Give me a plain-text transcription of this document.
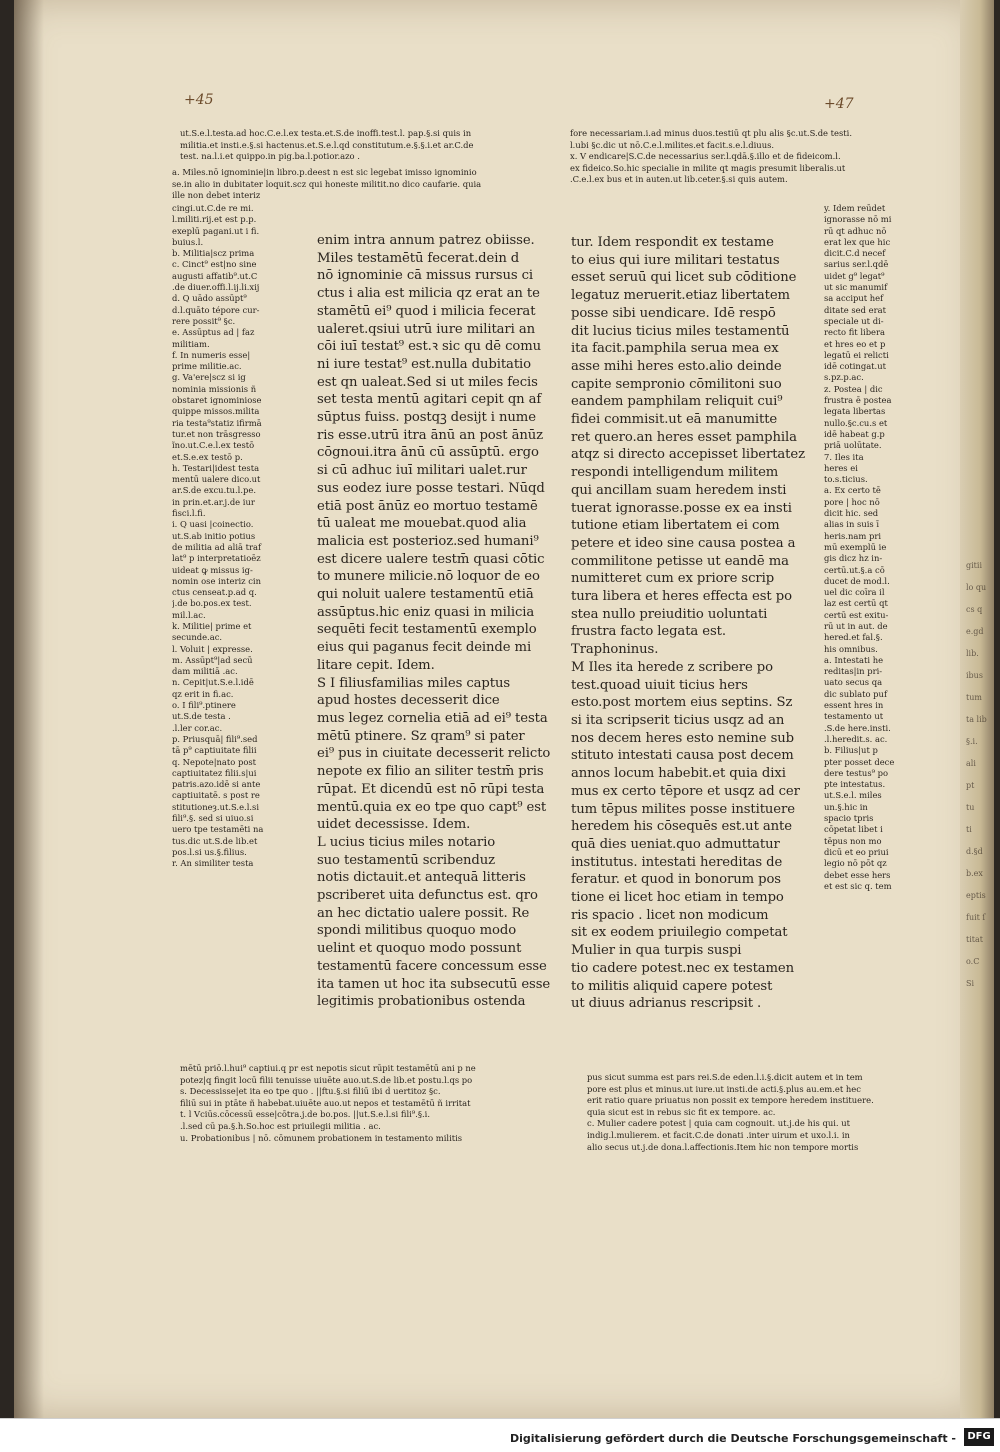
+45	+47
ut.S.e.l.testa.ad hoc.C.e.l.ex testa.et.S.de inoffi.test.l. pap.§.si quis in
militia.et insti.e.§.si hactenus.et.S.e.l.qd constitutum.e.§.§.i.et ar.C.de
test. na.l.i.et quippo.in pig.ba.l.potior.azo .
a. Miles.nō ignominie|in libro.p.deest n est sic legebat imisso ignominio
se.in alio in dubitater loquit.scz qui honeste militit.no dico caufarie. quia
ille non debet interiz
fore necessariam.i.ad minus duos.testiū qt plu alis §c.ut.S.de testi.
l.ubi §c.dic ut nō.C.e.l.milites.et facit.s.e.l.diuus.
x. V endicare|S.C.de necessarius ser.l.qdā.§.illo et de fideicom.l.
ex fideico.So.hic specialie in milite qt magis presumit liberalis.ut
.C.e.l.ex bus et in auten.ut lib.ceter.§.si quis autem.
cingi.ut.C.de re mi.
l.militi.rij.et est p.p.
exeplū pagani.ut i fi.
buius.l.
b. Militia|scz prima
c. Cinct⁹ est|no sine
augusti affatib⁹.ut.C
.de diuer.offi.l.ij.li.xij
d. Q uādo assūpt⁹
d.l.quāto tépore cur-
rere possit⁹ §c.
e. Assūptus ad | faz
militiam.
f. In numeris esse|
prime militie.ac.
g. Va'ere|scz si ig
nominia missionis ñ
obstaret ignominiose
quippe missos.milita
ria testa⁹statiz ifirmā
tur.et non trāsgresso
ĩno.ut.C.e.l.ex testō
et.S.e.ex testō p.
h. Testari|idest testa
mentū ualere dico.ut
ar.S.de excu.tu.l.pe.
in prin.et.ar.j.de iur
fisci.l.fi.
i. Q uasi |coinectio.
ut.S.ab initio potius
de militia ad aliā traf
lat⁹ p interpretatioēz
uideat ꝙ missus ig-
nomin ose interiz cin
ctus censeat.p.ad q.
j.de bo.pos.ex test.
mil.l.ac.
k. Militie| prime et
secunde.ac.
l. Voluit | expresse.
m. Assūpt⁹|ad secū
dam militiā .ac.
n. Cepit|ut.S.e.l.idē
qz erit in fi.ac.
o. I fili⁹.ptinere
ut.S.de testa .
.l.ler cor.ac.
p. Priusquā| fili⁹.sed
tā p⁹ captiuitate filii
q. Nepote|nato post
captiuitatez filii.s|ui
patris.azo.idē si ante
captiuitatē. s post re
stitutioneȝ.ut.S.e.l.si
fili⁹.§. sed si uiuo.si
uero tpe testamēti na
tus.dic ut.S.de lib.et
pos.l.si us.§.filius.
r. An similiter testa
enim intra annum patrez obiisse.
Miles testamētū fecerat.dein d
nō ignominie cā missus rursus ci
ctus i alia est milicia qz erat an te
stamētū ei⁹ quod i milicia fecerat
ualeret.qsiui utrū iure militari an
cōi iuī testat⁹ est.ꝛ sic qu dē comu
ni iure testat⁹ est.nulla dubitatio
est qn ualeat.Sed si ut miles fecis
set testa mentū agitari cepit qn af
sūptus fuiss. postqꝫ desijt i nume
ris esse.utrū itra ānū an post ānūz
cōgnoui.itra ānū cū assūptū. ergo
si cū adhuc iuī militari ualet.rur
sus eodez iure posse testari. Nūqd
etiā post ānūz eo mortuo testamē
tū ualeat me mouebat.quod alia
malicia est posterioz.sed humani⁹
est dicere ualere testm̄ quasi cōtic
to munere milicie.nō loquor de eo
qui noluit ualere testamentū etiā
assūptus.hic eniz quasi in milicia
sequēti fecit testamentū exemplo
eius qui paganus fecit deinde mi
litare cepit. Idem.
S I filiusfamilias miles captus
apud hostes decesserit dice
mus legez cornelia etiā ad ei⁹ testa
mētū ptinere. Sz qram⁹ si pater
ei⁹ pus in ciuitate decesserit relicto
nepote ex filio an siliter testm̄ pris
rūpat. Et dicendū est nō rūpi testa
mentū.quia ex eo tpe quo capt⁹ est
uidet decessisse. Idem.
L ucius ticius miles notario
suo testamentū scribenduz
notis dictauit.et antequā litteris
pscriberet uita defunctus est. qro
an hec dictatio ualere possit. Re
spondi militibus quoquo modo
uelint et quoquo modo possunt
testamentū facere concessum esse
ita tamen ut hoc ita subsecutū esse
legitimis probationibus ostenda
tur. Idem respondit ex testame
to eius qui iure militari testatus
esset seruū qui licet sub cōditione
legatuz meruerit.etiaz libertatem
posse sibi uendicare. Idē respō
dit lucius ticius miles testamentū
ita facit.pamphila serua mea ex
asse mihi heres esto.alio deinde
capite sempronio cōmilitoni suo
eandem pamphilam reliquit cui⁹
fidei commisit.ut eā manumitte
ret quero.an heres esset pamphila
atqz si directo accepisset libertatez
respondi intelligendum militem
qui ancillam suam heredem insti
tuerat ignorasse.posse ex ea insti
tutione etiam libertatem ei com
petere et ideo sine causa postea a
commilitone petisse ut eandē ma
numitteret cum ex priore scrip
tura libera et heres effecta est po
stea nullo preiuditio uoluntati
frustra facto legata est.
Traphoninus.
M Iles ita herede z scribere po
test.quoad uiuit ticius hers
esto.post mortem eius septins. Sz
si ita scripserit ticius usqz ad an
nos decem heres esto nemine sub
stituto intestati causa post decem
annos locum habebit.et quia dixi
mus ex certo tēpore et usqz ad cer
tum tēpus milites posse instituere
heredem his cōsequēs est.ut ante
quā dies ueniat.quo admuttatur
institutus. intestati hereditas de
feratur. et quod in bonorum pos
tione ei licet hoc etiam in tempo
ris spacio . licet non modicum
sit ex eodem priuilegio competat
Mulier in qua turpis suspi
tio cadere potest.nec ex testamen
to militis aliquid capere potest
ut diuus adrianus rescripsit .
y. Idem reūdet
ignorasse nō mi
rū qt adhuc nō
erat lex que hic
dicit.C.d necef
sarius ser.l.qdē
uidet g⁹ legat⁹
ut sic manumif
sa acciput hef
ditate sed erat
speciale ut di-
recto fit libera
et hres eo et p
legatū ei relicti
idē cotingat.ut
s.pz.p.ac.
z. Postea | dic
frustra ē postea
legata libertas
nullo.§c.cu.s et
idē habeat g.p
priā uolūtate.
7. Iles ita
heres ei
to.s.ticius.
a. Ex certo tē
pore | hoc nō
dicit hic. sed
alias in suis ī
heris.nam pri
mū exemplū ie
gis dicz hz in-
certū.ut.§.a cō
ducet de mod.l.
uel dic coīra il
laz est certū qt
certū est exitu-
rū ut in aut. de
hered.et fal.§.
his omnibus.
a. Intestati he
reditas|in pri-
uato secus qa
dic sublato puf
essent hres in
testamento ut
.S.de here.insti.
.l.heredit.s. ac.
b. Filius|ut p
pter posset dece
dere testus⁹ po
pte intestatus.
ut.S.e.l. miles
un.§.hic in
spacio tpris
cōpetat libet i
tēpus non mo
dicū et eo priui
legio nō pōt qz
debet esse hers
et est sic q. tem
mētū priō.l.hui⁹ captiui.q pr est nepotis sicut rūpit testamētū ani p ne
potez|q fingit locū filii tenuisse uiuēte auo.ut.S.de lib.et postu.l.qs po
s. Decessisse|et ita eo tpe quo . ||ftu.§.si filiū ibi d̄ uertitoz §c.
filiū sui in ptāte ñ habebat.uiuēte auo.ut nepos et testamētū ñ irritat
t. l Vciūs.cōcessū esse|cōtra.j.de bo.pos. ||ut.S.e.l.si fili⁹.§.i.
.l.sed cū pa.§.h.So.hoc est priuilegii militia . ac.
u. Probationibus | nō. cōmunem probationem in testamento militis
pus sicut summa est pars rei.S.de eden.l.i.§.dicit autem et in tem
pore est plus et minus.ut iure.ut insti.de acti.§.plus au.em.et hec
erit ratio quare priuatus non possit ex tempore heredem instituere.
quia sicut est in rebus sic fit ex tempore. ac.
c. Mulier cadere potest | quia cam cognouit. ut.j.de his qui. ut
indig.l.mulierem. et facit.C.de donati .inter uirum et uxo.l.i. in
alio secus ut.j.de dona.l.affectionis.Item hic non tempore mortis
gitii
lo qu
cs q
e.gd
lib.
ibus
tum
ta lib
§.i.
ali
pt
tu
ti
d.§d
b.ex
eptis
fuit ſ
titat
o.C
Si
Digitalisierung gefördert durch die Deutsche Forschungsgemeinschaft -	DFG
